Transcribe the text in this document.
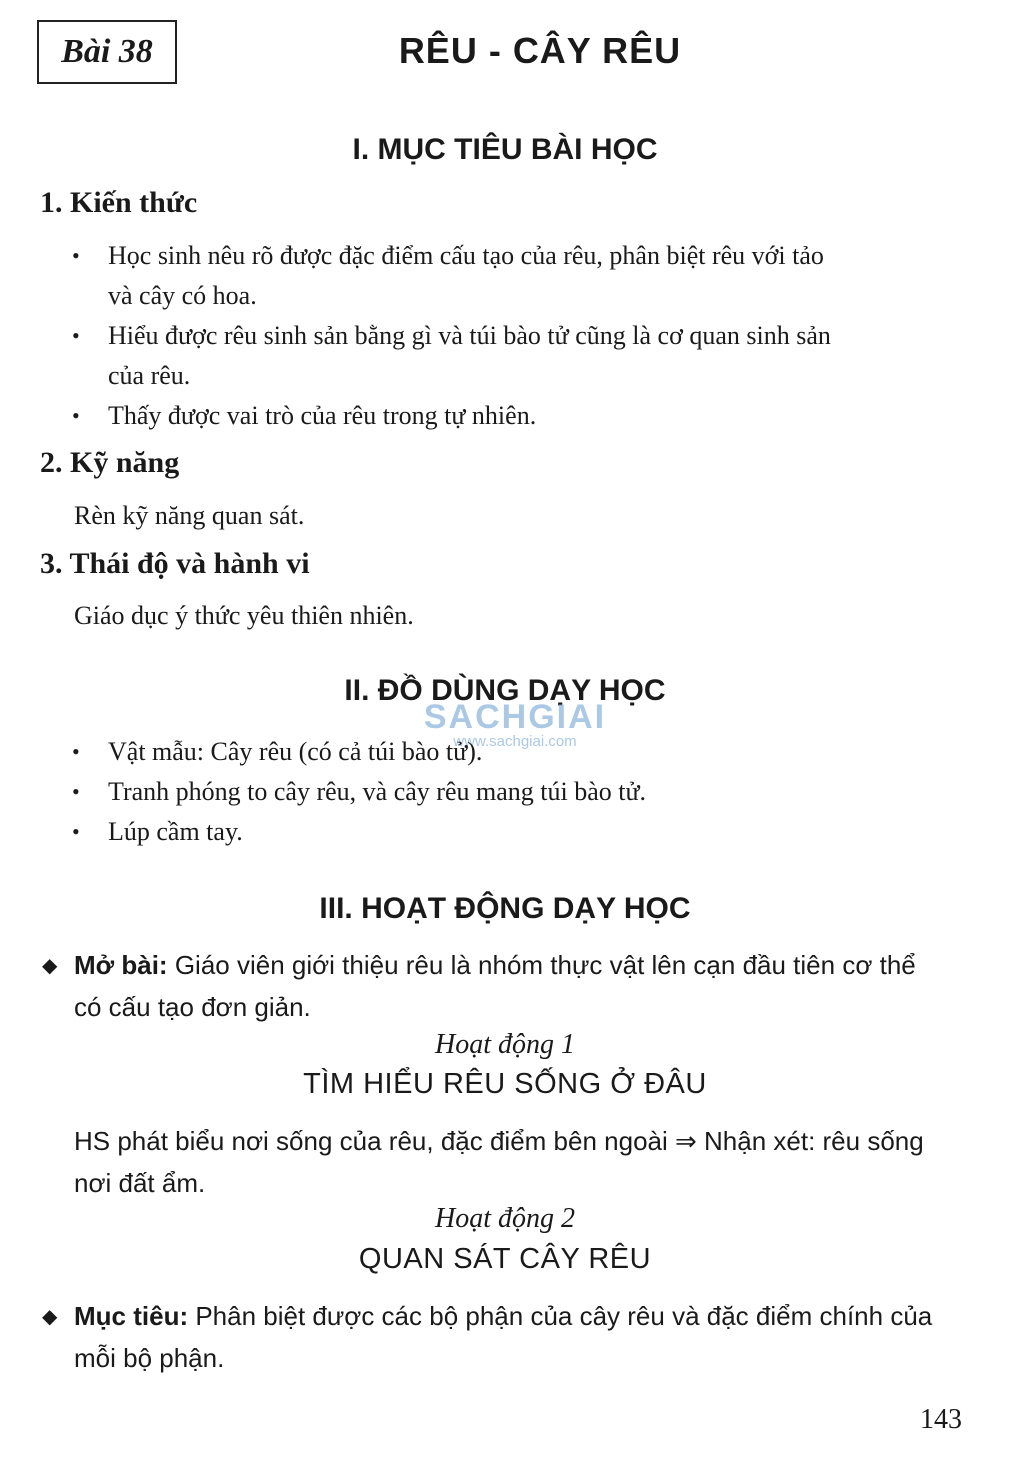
Bài 38	RÊU - CÂY RÊU
I. MỤC TIÊU BÀI HỌC
1. Kiến thức
• Học sinh nêu rõ được đặc điểm cấu tạo của rêu, phân biệt rêu với tảo
và cây có hoa.
• Hiểu được rêu sinh sản bằng gì và túi bào tử cũng là cơ quan sinh sản
của rêu.
• Thấy được vai trò của rêu trong tự nhiên.
2. Kỹ năng
Rèn kỹ năng quan sát.
3. Thái độ và hành vi
Giáo dục ý thức yêu thiên nhiên.
II. ĐỒ DÙNG DẠY HỌC
SACHGIAI
www.sachgiai.com
• Vật mẫu: Cây rêu (có cả túi bào tử).
• Tranh phóng to cây rêu, và cây rêu mang túi bào tử.
• Lúp cầm tay.
III. HOẠT ĐỘNG DẠY HỌC
◆ Mở bài: Giáo viên giới thiệu rêu là nhóm thực vật lên cạn đầu tiên cơ thể
có cấu tạo đơn giản.
Hoạt động 1
TÌM HIỂU RÊU SỐNG Ở ĐÂU
HS phát biểu nơi sống của rêu, đặc điểm bên ngoài ⇒ Nhận xét: rêu sống
nơi đất ẩm.
Hoạt động 2
QUAN SÁT CÂY RÊU
◆ Mục tiêu: Phân biệt được các bộ phận của cây rêu và đặc điểm chính của
mỗi bộ phận.
143
